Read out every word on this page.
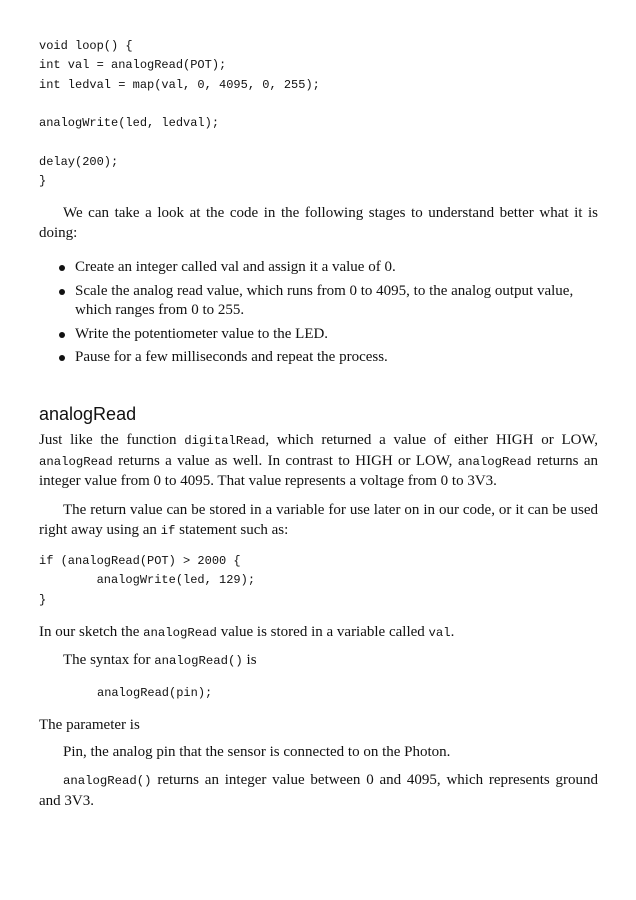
void loop() {
int val = analogRead(POT);
int ledval = map(val, 0, 4095, 0, 255);

analogWrite(led, ledval);

delay(200);
}

We can take a look at the code in the following stages to understand better what it is doing:

Create an integer called val and assign it a value of 0.
Scale the analog read value, which runs from 0 to 4095, to the analog output value, which ranges from 0 to 255.
Write the potentiometer value to the LED.
Pause for a few milliseconds and repeat the process.
analogRead

Just like the function digitalRead, which returned a value of either HIGH or LOW, analogRead returns a value as well. In contrast to HIGH or LOW, analogRead returns an integer value from 0 to 4095. That value represents a voltage from 0 to 3V3.

The return value can be stored in a variable for use later on in our code, or it can be used right away using an if statement such as:

if (analogRead(POT) > 2000 {
analogWrite(led, 129);
}

In our sketch the analogRead value is stored in a variable called val.

The syntax for analogRead() is

analogRead(pin);

The parameter is

Pin, the analog pin that the sensor is connected to on the Photon.

analogRead() returns an integer value between 0 and 4095, which represents ground and 3V3.
